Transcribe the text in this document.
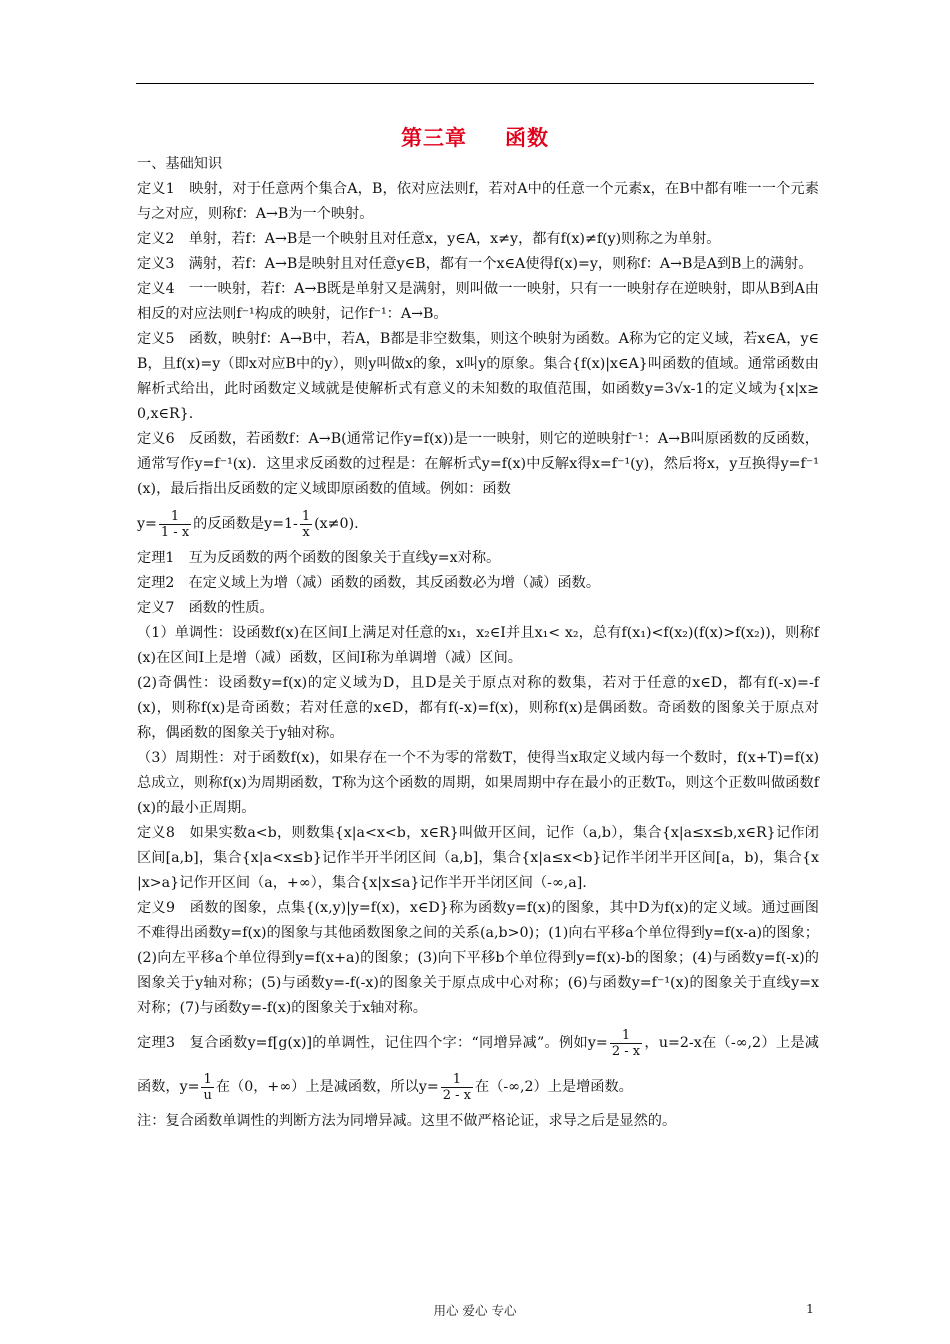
第三章 函数

一、基础知识

定义1　映射，对于任意两个集合A，B，依对应法则f，若对A中的任意一个元素x，在B中都有唯一一个元素与之对应，则称f：A→B为一个映射。

定义2　单射，若f：A→B是一个映射且对任意x，y∈A，x≠y，都有f(x)≠f(y)则称之为单射。

定义3　满射，若f：A→B是映射且对任意y∈B，都有一个x∈A使得f(x)=y，则称f：A→B是A到B上的满射。

定义4　一一映射，若f：A→B既是单射又是满射，则叫做一一映射，只有一一映射存在逆映射，即从B到A由相反的对应法则f⁻¹构成的映射，记作f⁻¹：A→B。

定义5　函数，映射f：A→B中，若A，B都是非空数集，则这个映射为函数。A称为它的定义域，若x∈A，y∈B，且f(x)=y（即x对应B中的y），则y叫做x的象，x叫y的原象。集合{f(x)|x∈A}叫函数的值域。通常函数由解析式给出，此时函数定义域就是使解析式有意义的未知数的取值范围，如函数y=3√x-1的定义域为{x|x≥0,x∈R}.

定义6　反函数，若函数f：A→B(通常记作y=f(x))是一一映射，则它的逆映射f⁻¹：A→B叫原函数的反函数，通常写作y=f⁻¹(x)．这里求反函数的过程是：在解析式y=f(x)中反解x得x=f⁻¹(y)，然后将x，y互换得y=f⁻¹(x)，最后指出反函数的定义域即原函数的值域。例如：函数

$y= \frac{1}{1 - x}$ 的反函数是$y=1- \frac{1}{x} (x\ne 0)$.

定理1　互为反函数的两个函数的图象关于直线y=x对称。

定理2　在定义域上为增（减）函数的函数，其反函数必为增（减）函数。

定义7　函数的性质。

（1）单调性：设函数f(x)在区间I上满足对任意的x₁，x₂∈I并且x₁< x₂，总有f(x₁)<f(x₂)(f(x)>f(x₂))，则称f(x)在区间I上是增（减）函数，区间I称为单调增（减）区间。

(2)奇偶性：设函数y=f(x)的定义域为D，且D是关于原点对称的数集，若对于任意的x∈D，都有f(-x)=-f(x)，则称f(x)是奇函数；若对任意的x∈D，都有f(-x)=f(x)，则称f(x)是偶函数。奇函数的图象关于原点对称，偶函数的图象关于y轴对称。

（3）周期性：对于函数f(x)，如果存在一个不为零的常数T，使得当x取定义域内每一个数时，f(x+T)=f(x)总成立，则称f(x)为周期函数，T称为这个函数的周期，如果周期中存在最小的正数T₀，则这个正数叫做函数f(x)的最小正周期。

定义8　如果实数a<b，则数集{x|a<x<b，x∈R}叫做开区间，记作（a,b），集合{x|a≤x≤b,x∈R}记作闭区间[a,b]，集合{x|a<x≤b}记作半开半闭区间（a,b]，集合{x|a≤x<b}记作半闭半开区间[a，b)，集合{x|x>a}记作开区间（a，+∞），集合{x|x≤a}记作半开半闭区间（-∞,a].

定义9　函数的图象，点集{(x,y)|y=f(x)，x∈D}称为函数y=f(x)的图象，其中D为f(x)的定义域。通过画图不难得出函数y=f(x)的图象与其他函数图象之间的关系(a,b>0)；(1)向右平移a个单位得到y=f(x-a)的图象；(2)向左平移a个单位得到y=f(x+a)的图象；(3)向下平移b个单位得到y=f(x)-b的图象；(4)与函数y=f(-x)的图象关于y轴对称；(5)与函数y=-f(-x)的图象关于原点成中心对称；(6)与函数y=f⁻¹(x)的图象关于直线y=x对称；(7)与函数y=-f(x)的图象关于x轴对称。

定理3　复合函数y=f[g(x)]的单调性，记住四个字：“同增异减”。例如$y= \frac{1}{2 - x}$ ，u=2-x在（-∞,2）上是减函数，$y= \frac{1}{u}$ 在（0，+∞）上是减函数，所以$y= \frac{1}{2 - x}$ 在（-∞,2）上是增函数。

注：复合函数单调性的判断方法为同增异减。这里不做严格论证，求导之后是显然的。

用心 爱心 专心	1
